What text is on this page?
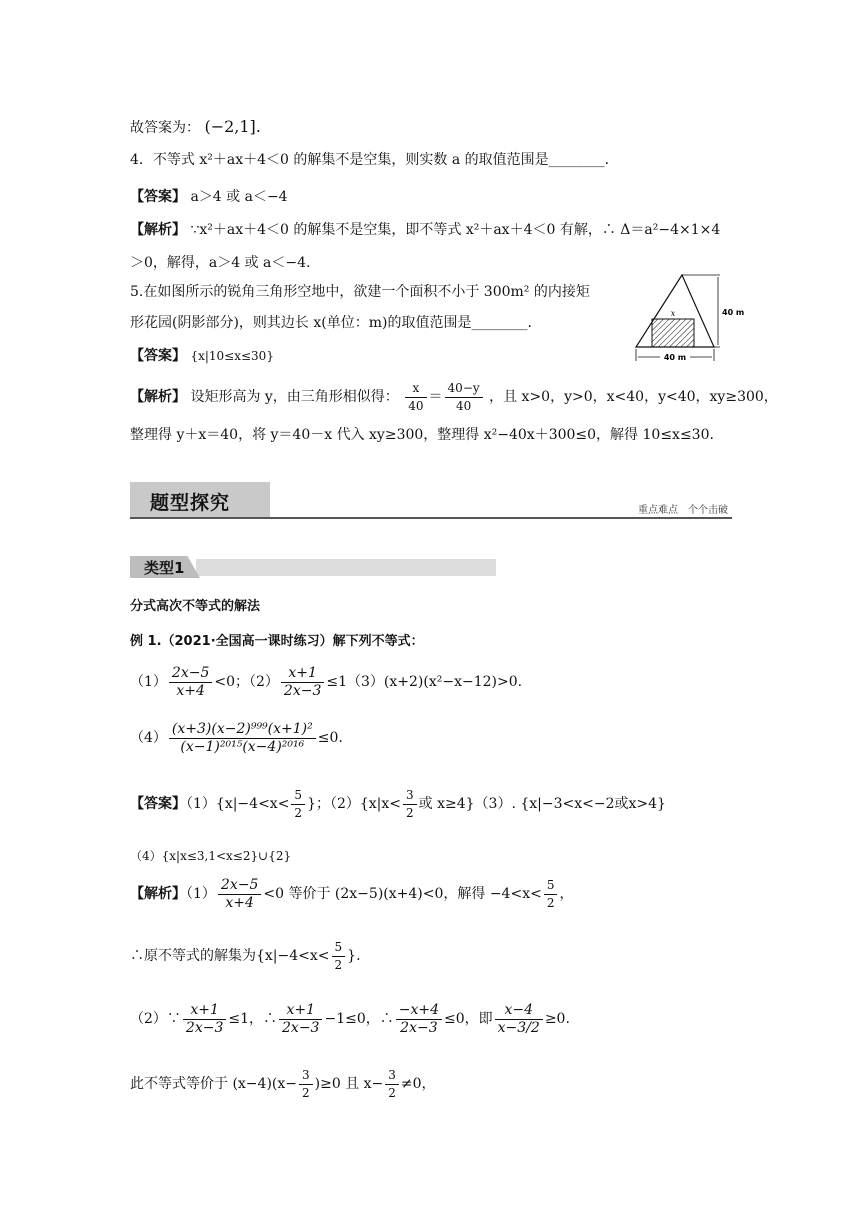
故答案为： (−2,1].
4．不等式 x²＋ax＋4＜0 的解集不是空集，则实数 a 的取值范围是________．
【答案】 a＞4 或 a＜−4
【解析】 ∵x²＋ax＋4＜0 的解集不是空集，即不等式 x²＋ax＋4＜0 有解，∴ Δ＝a²−4×1×4
＞0，解得，a＞4 或 a＜−4.
5.在如图所示的锐角三角形空地中，欲建一个面积不小于 300m² 的内接矩
形花园(阴影部分)，则其边长 x(单位：m)的取值范围是________．
x	40 m
40 m
【答案】 {x|10≤x≤30}
【解析】 设矩形高为 y，由三角形相似得： $\frac{x}{40} = \frac{40-y}{40}$ ，且 x>0，y>0，x<40，y<40，xy≥300，
整理得 y＋x＝40，将 y＝40－x 代入 xy≥300，整理得 x²−40x＋300≤0，解得 10≤x≤30.
题型探究	重点难点　个个击破
类型1
分式高次不等式的解法
例 1.（2021·全国高一课时练习）解下列不等式：
$(1) \frac{2x-5}{x+4} <0$；$(2) \frac{x+1}{2x-3} \le 1(3)(x+2)(x^2-x-12)>0$.
$(4) \frac{\text{(x+3)(x−2)⁹⁹⁹(x+1)²}}{\text{(x−1)²⁰¹⁵(x−4)²⁰¹⁶}} \le 0$.
【答案】$(1)\{x|-4<x< \frac{5}{2}$ }；$(2)\{x|x< \frac{3}{2}$ 或 x≥4}（3）. {x|−3<x<−2或x>4}
（4）{x|x≤3,1<x≤2}∪{2}
【解析】$(1) \frac{2x-5}{x+4} <0$ 等价于 (2x−5)(x+4)<0，解得 $-4<x< \frac{5}{2}$ ，
∴原不等式的解集为{$x|-4<x< \frac{5}{2}$ }.
（2）∵ $\frac{x+1}{2x-3} \le 1$，∴ $\frac{x+1}{2x-3} -1\le 0$，∴ $\frac{-x+4}{2x-3} \le 0$，即 $\frac{x-4}{x-3/2} \ge 0$.
此不等式等价于 $(x-4)(x- \frac{3}{2} )\ge 0$ 且 $x- \frac{3}{2} \ne 0$，
